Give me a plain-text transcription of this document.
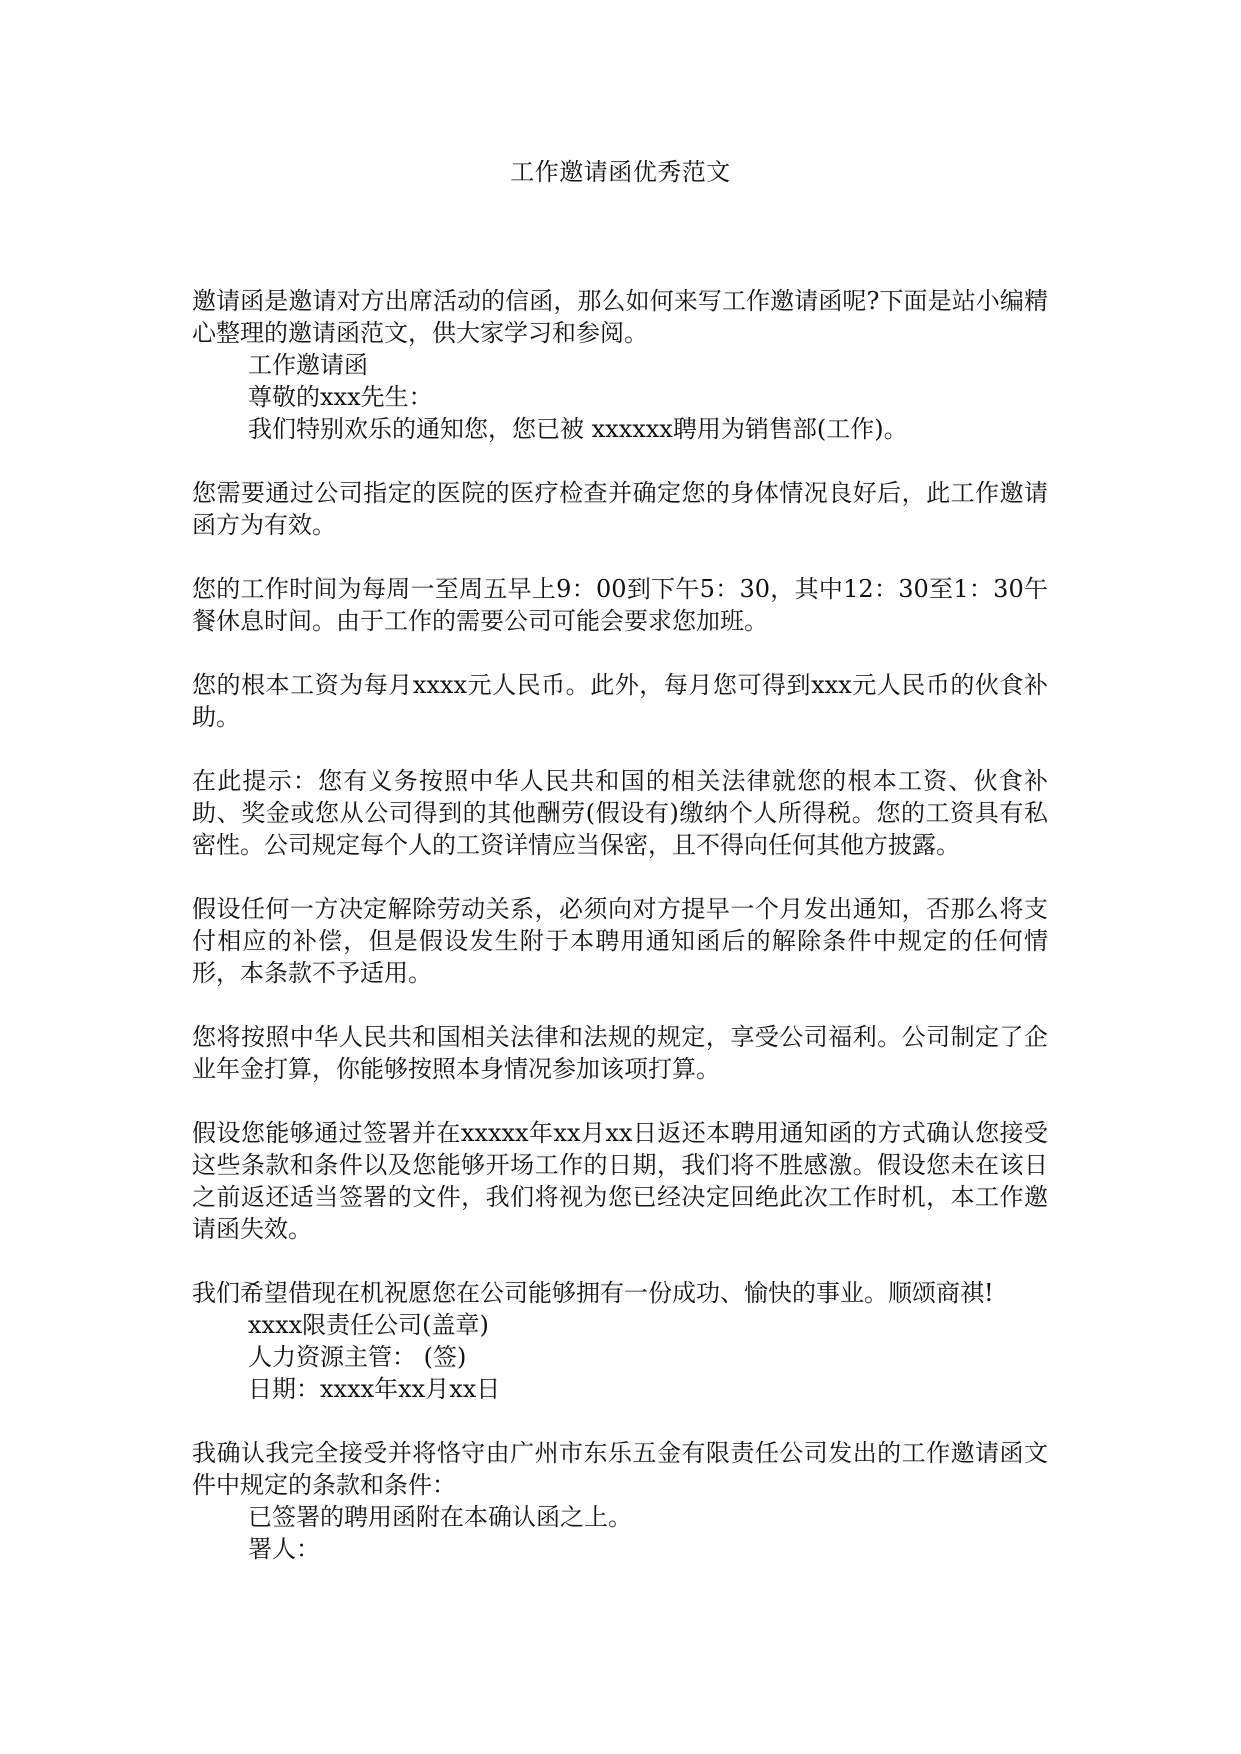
工作邀请函优秀范文

邀请函是邀请对方出席活动的信函，那么如何来写工作邀请函呢?下面是站小编精心整理的邀请函范文，供大家学习和参阅。

工作邀请函

尊敬的xxx先生：

我们特别欢乐的通知您，您已被 xxxxxx聘用为销售部(工作)。

您需要通过公司指定的医院的医疗检查并确定您的身体情况良好后，此工作邀请函方为有效。

您的工作时间为每周一至周五早上9：00到下午5：30，其中12：30至1：30午餐休息时间。由于工作的需要公司可能会要求您加班。

您的根本工资为每月xxxx元人民币。此外，每月您可得到xxx元人民币的伙食补助。

在此提示：您有义务按照中华人民共和国的相关法律就您的根本工资、伙食补助、奖金或您从公司得到的其他酬劳(假设有)缴纳个人所得税。您的工资具有私密性。公司规定每个人的工资详情应当保密，且不得向任何其他方披露。

假设任何一方决定解除劳动关系，必须向对方提早一个月发出通知，否那么将支付相应的补偿，但是假设发生附于本聘用通知函后的解除条件中规定的任何情形，本条款不予适用。

您将按照中华人民共和国相关法律和法规的规定，享受公司福利。公司制定了企业年金打算，你能够按照本身情况参加该项打算。

假设您能够通过签署并在xxxxx年xx月xx日返还本聘用通知函的方式确认您接受这些条款和条件以及您能够开场工作的日期，我们将不胜感激。假设您未在该日之前返还适当签署的文件，我们将视为您已经决定回绝此次工作时机，本工作邀请函失效。

我们希望借现在机祝愿您在公司能够拥有一份成功、愉快的事业。顺颂商祺!

xxxx限责任公司(盖章)

人力资源主管： (签)

日期：xxxx年xx月xx日

我确认我完全接受并将恪守由广州市东乐五金有限责任公司发出的工作邀请函文件中规定的条款和条件：

已签署的聘用函附在本确认函之上。

署人：
